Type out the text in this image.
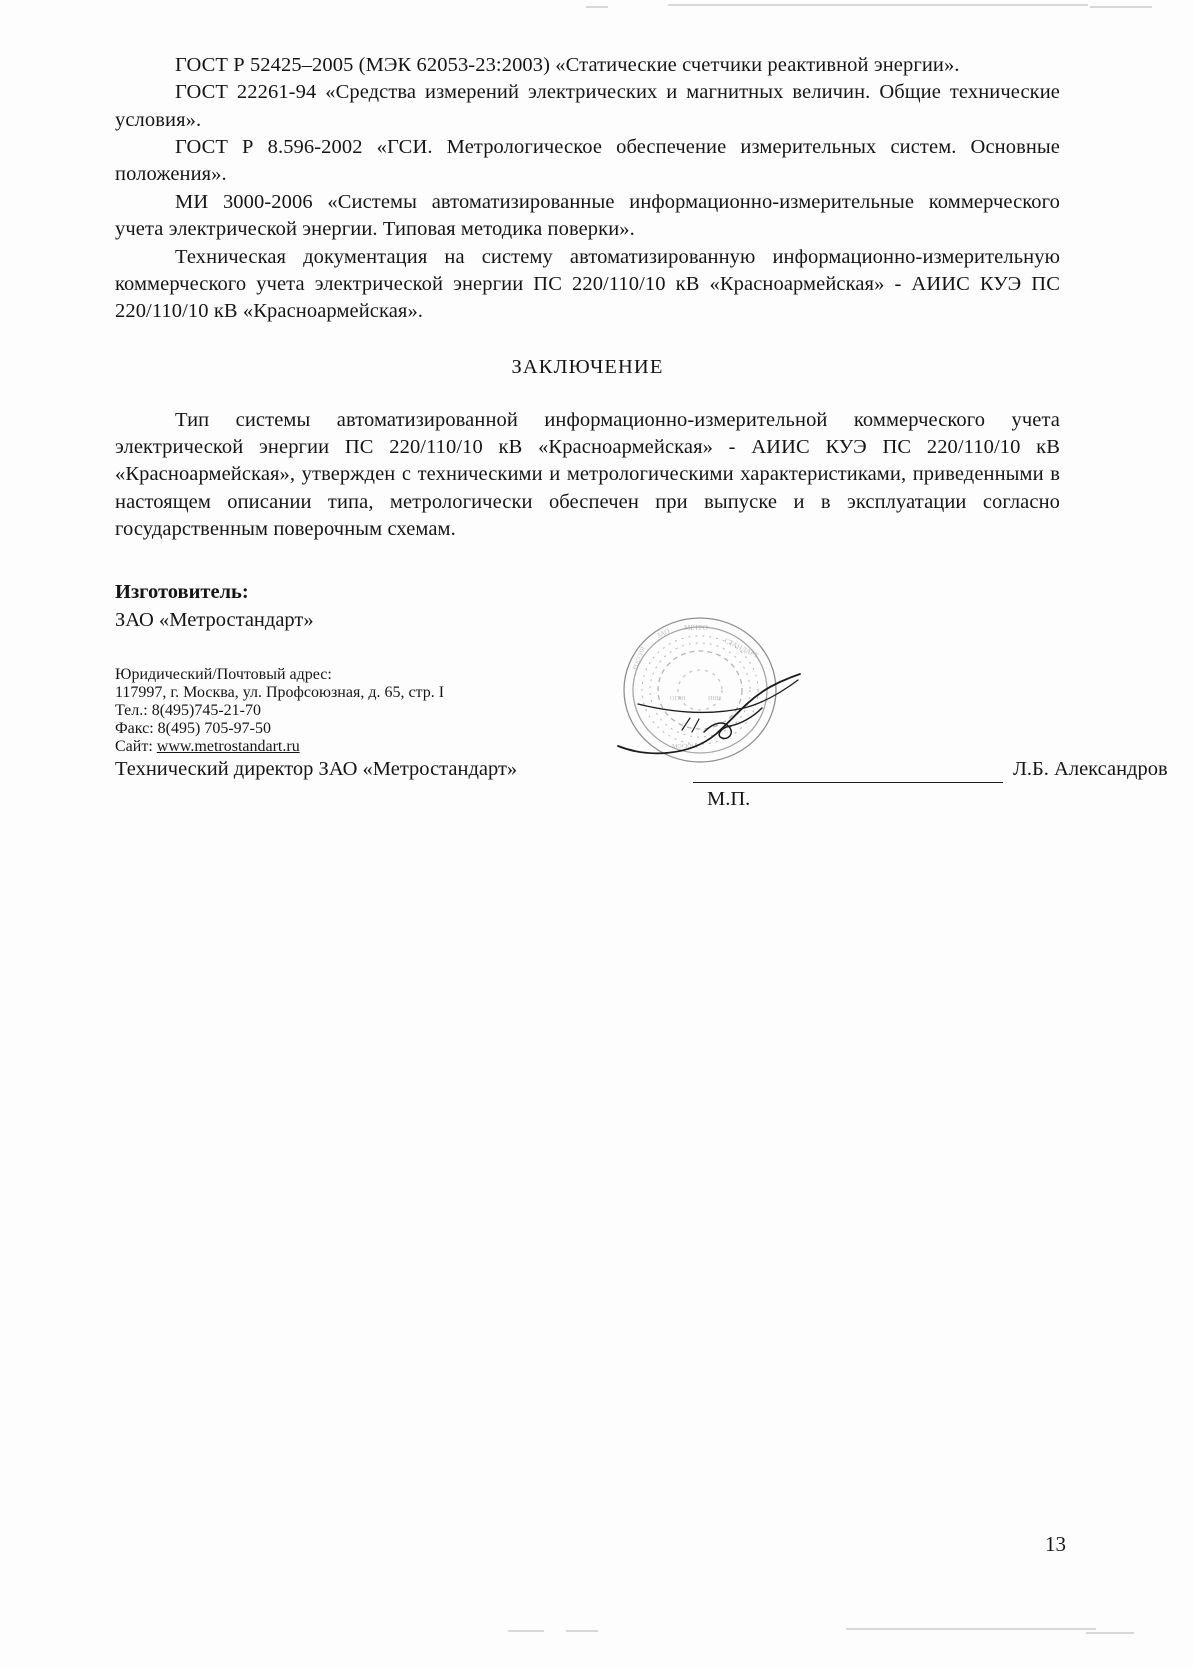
ГОСТ Р 52425–2005 (МЭК 62053-23:2003) «Статические счетчики реактивной энергии».

ГОСТ 22261-94 «Средства измерений электрических и магнитных величин. Общие технические условия».

ГОСТ Р 8.596-2002 «ГСИ. Метрологическое обеспечение измерительных систем. Основные положения».

МИ 3000-2006 «Системы автоматизированные информационно-измерительные коммерческого учета электрической энергии. Типовая методика поверки».

Техническая документация на систему автоматизированную информационно-измерительную коммерческого учета электрической энергии ПС 220/110/10 кВ «Красноармейская» - АИИС КУЭ ПС 220/110/10 кВ «Красноармейская».

ЗАКЛЮЧЕНИЕ

Тип системы автоматизированной информационно-измерительной коммерческого учета электрической энергии ПС 220/110/10 кВ «Красноармейская» - АИИС КУЭ ПС 220/110/10 кВ «Красноармейская», утвержден с техническими и метрологическими характеристиками, приведенными в настоящем описании типа, метрологически обеспечен при выпуске и в эксплуатации согласно государственным поверочным схемам.

Изготовитель:
ЗАО «Метростандарт»
Юридический/Почтовый адрес:
117997, г. Москва, ул. Профсоюзная, д. 65, стр. I
Тел.: 8(495)745-21-70
Факс: 8(495) 705-97-50
Сайт: www.metrostandart.ru
Технический директор ЗАО «Метростандарт»	Л.Б. Александров
М.П.
ЗАО МЕТРО
СТАНДАРТ
РОССИЯ
ОГРН	ИНН
МОСКВА
13
